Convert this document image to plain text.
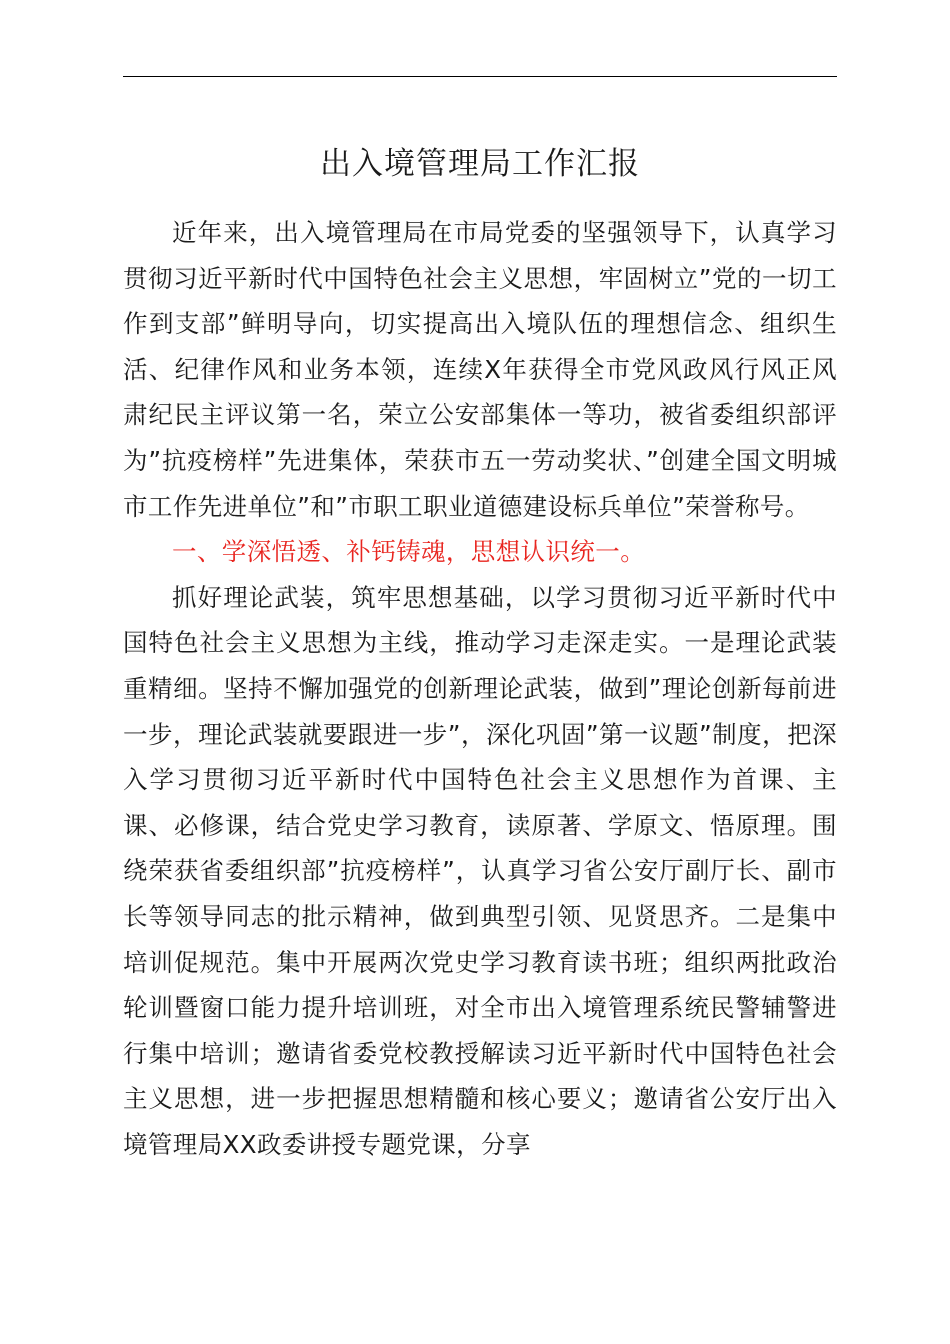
出入境管理局工作汇报

近年来，出入境管理局在市局党委的坚强领导下，认真学习贯彻习近平新时代中国特色社会主义思想，牢固树立”党的一切工作到支部”鲜明导向，切实提高出入境队伍的理想信念、组织生活、纪律作风和业务本领，连续X年获得全市党风政风行风正风肃纪民主评议第一名，荣立公安部集体一等功，被省委组织部评为”抗疫榜样”先进集体，荣获市五一劳动奖状、”创建全国文明城市工作先进单位”和”市职工职业道德建设标兵单位”荣誉称号。

一、学深悟透、补钙铸魂，思想认识统一。

抓好理论武装，筑牢思想基础，以学习贯彻习近平新时代中国特色社会主义思想为主线，推动学习走深走实。一是理论武装重精细。坚持不懈加强党的创新理论武装，做到”理论创新每前进一步，理论武装就要跟进一步”，深化巩固”第一议题”制度，把深入学习贯彻习近平新时代中国特色社会主义思想作为首课、主课、必修课，结合党史学习教育，读原著、学原文、悟原理。围绕荣获省委组织部”抗疫榜样”，认真学习省公安厅副厅长、副市长等领导同志的批示精神，做到典型引领、见贤思齐。二是集中培训促规范。集中开展两次党史学习教育读书班；组织两批政治轮训暨窗口能力提升培训班，对全市出入境管理系统民警辅警进行集中培训；邀请省委党校教授解读习近平新时代中国特色社会主义思想，进一步把握思想精髓和核心要义；邀请省公安厅出入境管理局XX政委讲授专题党课，分享
